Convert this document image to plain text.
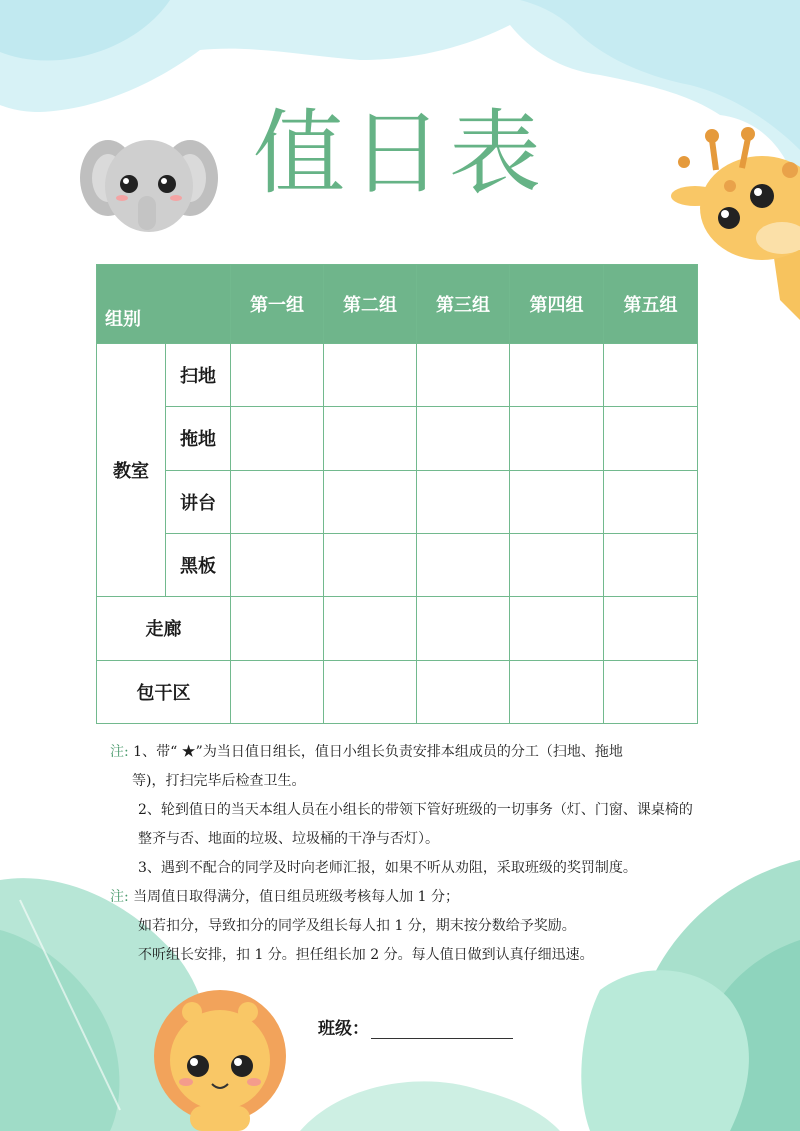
值日表
组别		第一组	第二组	第三组	第四组	第五组
教室	扫地					
	拖地					
	讲台					
	黑板					
走廊						
包干区						
注: 1、带“ ★”为当日值日组长，值日小组长负责安排本组成员的分工（扫地、拖地
等)，打扫完毕后检查卫生。
2、轮到值日的当天本组人员在小组长的带领下管好班级的一切事务（灯、门窗、课桌椅的
整齐与否、地面的垃圾、垃圾桶的干净与否灯）。
3、遇到不配合的同学及时向老师汇报，如果不听从劝阻，采取班级的奖罚制度。
注: 当周值日取得满分，值日组员班级考核每人加 1 分；
如若扣分，导致扣分的同学及组长每人扣 1 分，期末按分数给予奖励。
不听组长安排，扣 1 分。担任组长加 2 分。每人值日做到认真仔细迅速。
班级：
